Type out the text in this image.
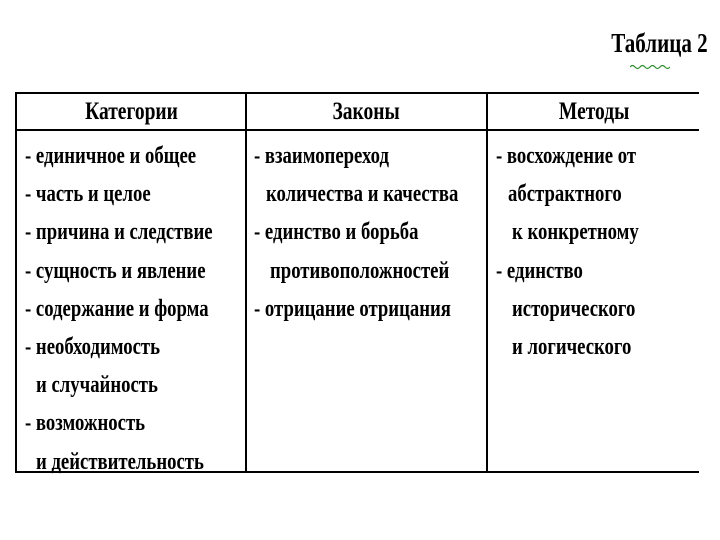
Таблица 2
Категории	Законы	Методы
- единичное и общее
- часть и целое
- причина и следствие
- сущность и явление
- содержание и форма
- необходимость
и случайность
- возможность
и действительность
- взаимопереход
количества и качества
- единство и борьба
противоположностей
- отрицание отрицания
- восхождение от
абстрактного
к конкретному
- единство
исторического
и логического
